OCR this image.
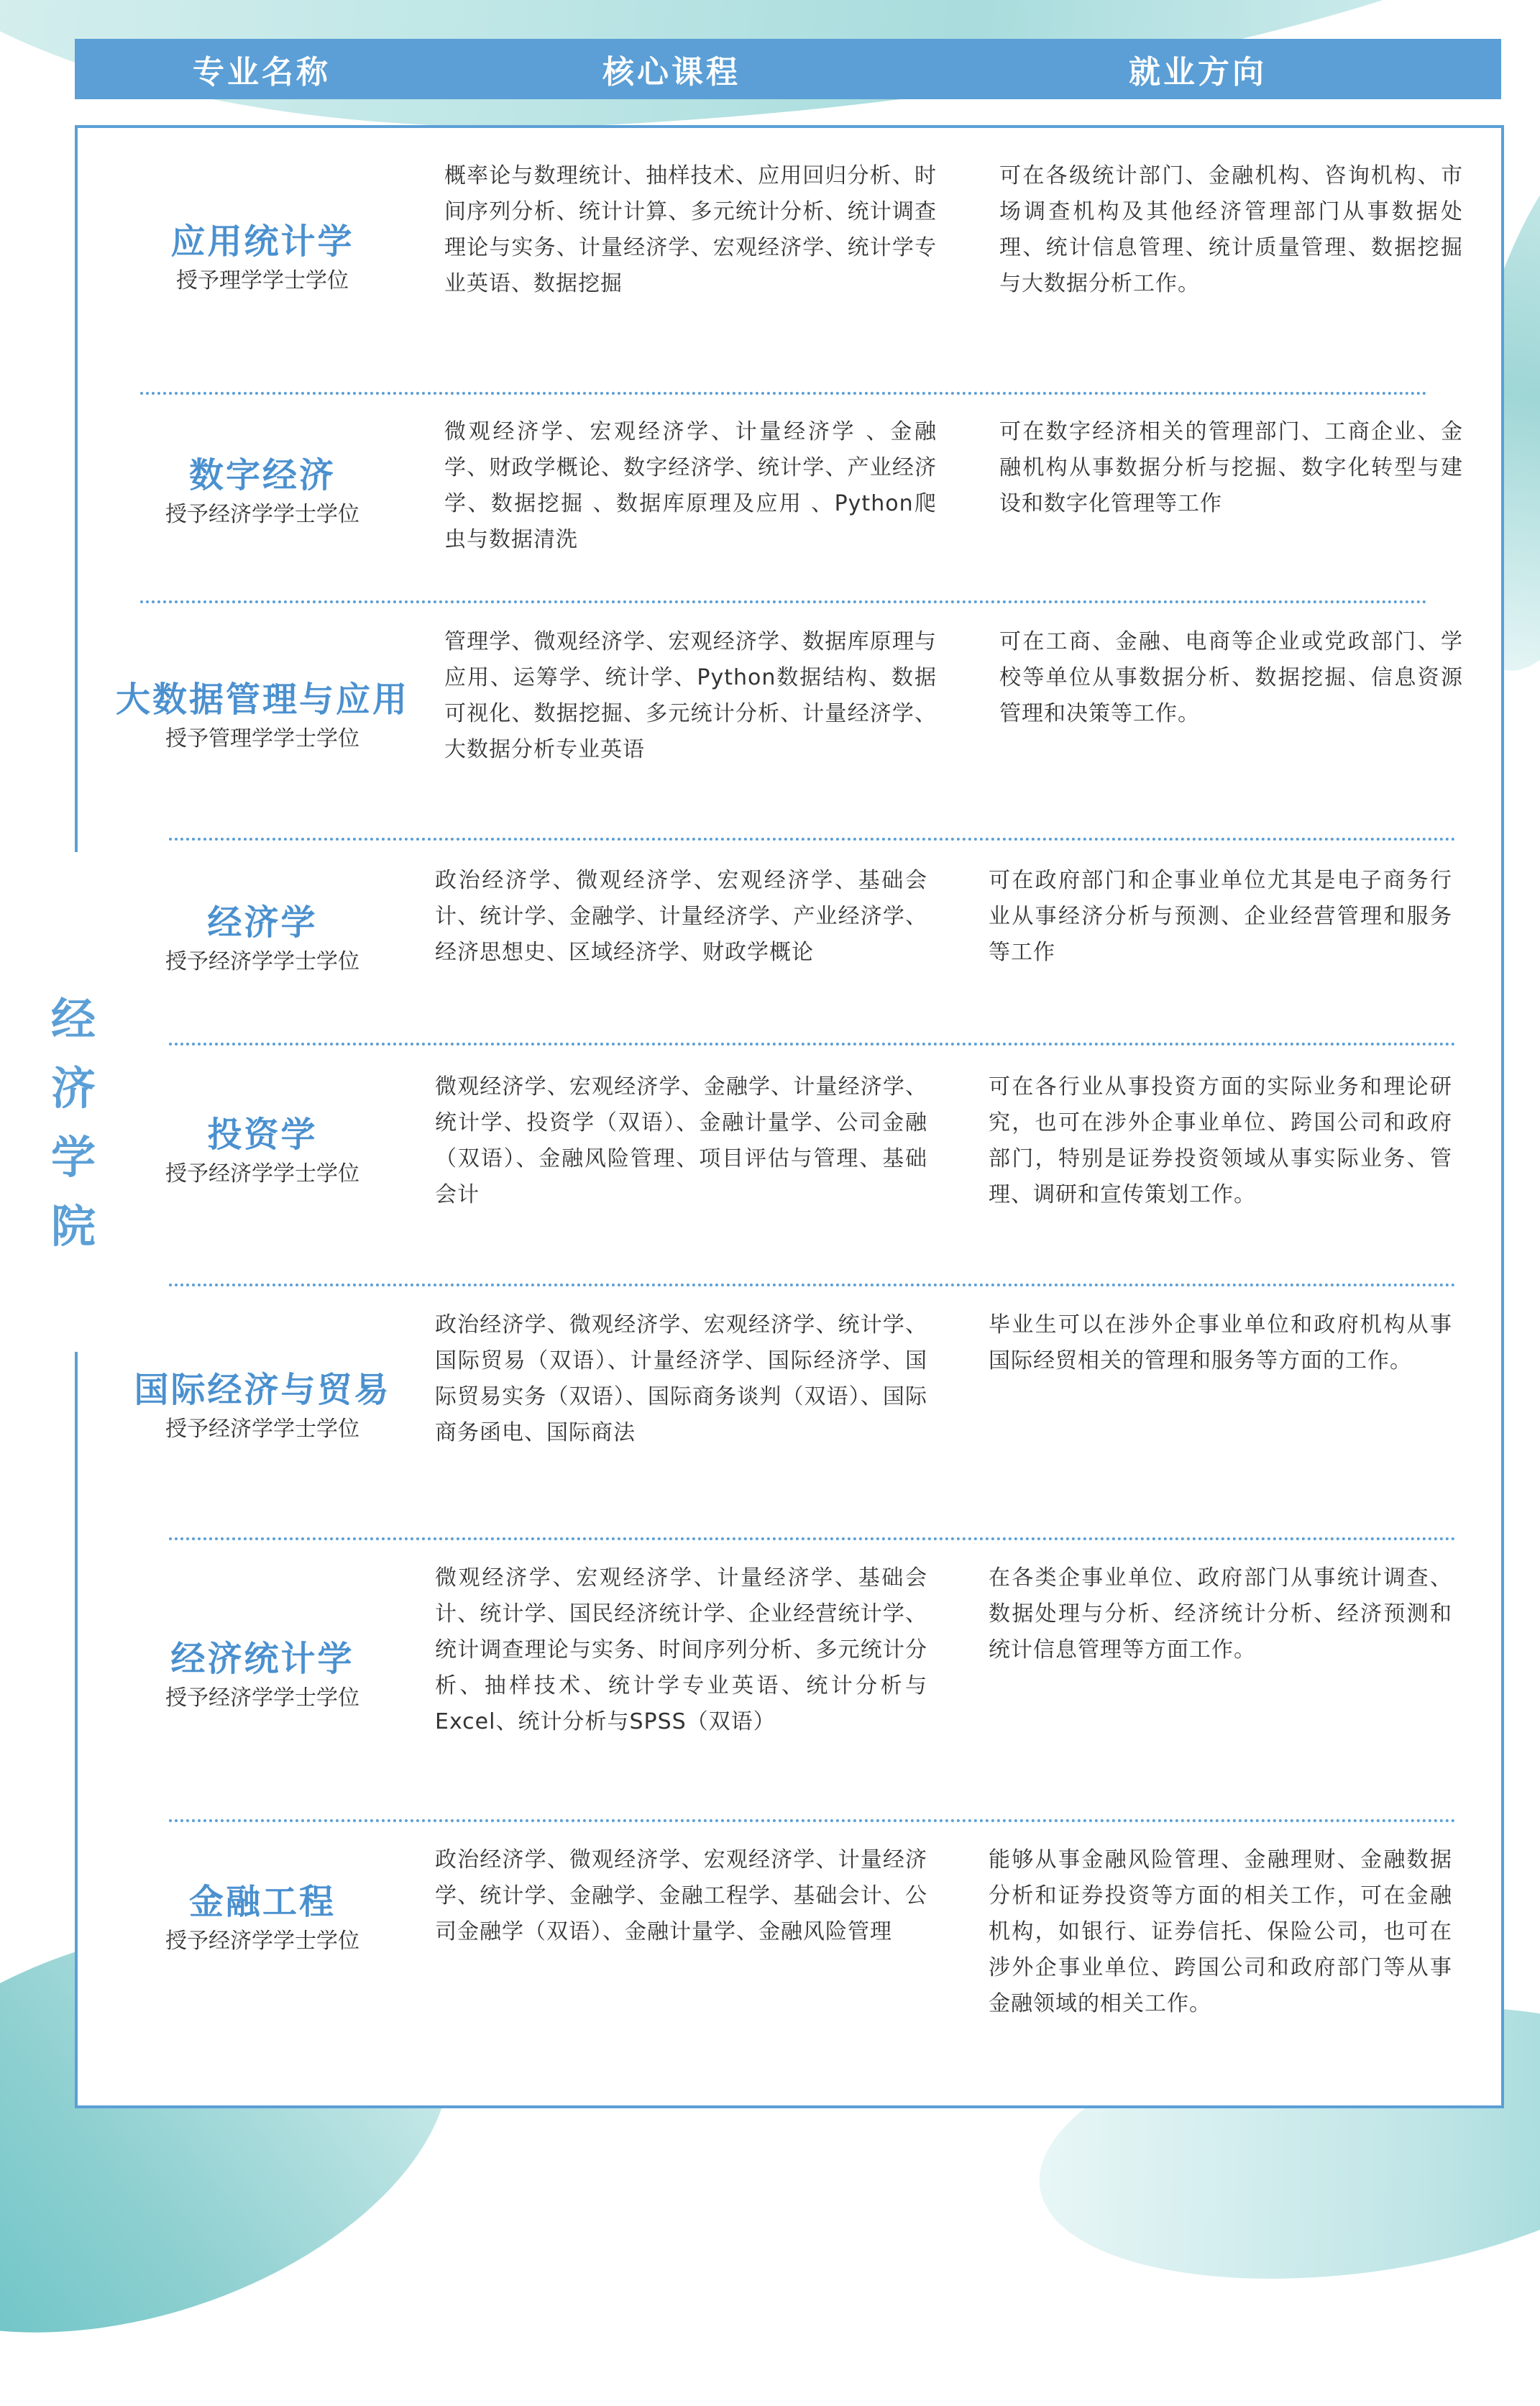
专业名称	核心课程	就业方向
经
济
学
院
应用统计学
授予理学学士学位
概率论与数理统计、抽样技术、应用回归分析、时间序列分析、统计计算、多元统计分析、统计调查理论与实务、计量经济学、宏观经济学、统计学专业英语、数据挖掘
可在各级统计部门、金融机构、咨询机构、市场调查机构及其他经济管理部门从事数据处理、统计信息管理、统计质量管理、数据挖掘与大数据分析工作。
数字经济
授予经济学学士学位
微观经济学、宏观经济学、计量经济学 、金融学、财政学概论、数字经济学、统计学、产业经济学、数据挖掘 、数据库原理及应用 、Python爬虫与数据清洗
可在数字经济相关的管理部门、工商企业、金融机构从事数据分析与挖掘、数字化转型与建设和数字化管理等工作
大数据管理与应用
授予管理学学士学位
管理学、微观经济学、宏观经济学、数据库原理与应用、运筹学、统计学、Python数据结构、数据可视化、数据挖掘、多元统计分析、计量经济学、大数据分析专业英语
可在工商、金融、电商等企业或党政部门、学校等单位从事数据分析、数据挖掘、信息资源管理和决策等工作。
经济学
授予经济学学士学位
政治经济学、微观经济学、宏观经济学、基础会计、统计学、金融学、计量经济学、产业经济学、经济思想史、区域经济学、财政学概论
可在政府部门和企事业单位尤其是电子商务行业从事经济分析与预测、企业经营管理和服务等工作
投资学
授予经济学学士学位
微观经济学、宏观经济学、金融学、计量经济学、统计学、投资学（双语）、金融计量学、公司金融（双语）、金融风险管理、项目评估与管理、基础会计
可在各行业从事投资方面的实际业务和理论研究，也可在涉外企事业单位、跨国公司和政府部门，特别是证券投资领域从事实际业务、管理、调研和宣传策划工作。
国际经济与贸易
授予经济学学士学位
政治经济学、微观经济学、宏观经济学、统计学、国际贸易（双语）、计量经济学、国际经济学、国际贸易实务（双语）、国际商务谈判（双语）、国际商务函电、国际商法
毕业生可以在涉外企事业单位和政府机构从事国际经贸相关的管理和服务等方面的工作。
经济统计学
授予经济学学士学位
微观经济学、宏观经济学、计量经济学、基础会计、统计学、国民经济统计学、企业经营统计学、统计调查理论与实务、时间序列分析、多元统计分析、抽样技术、统计学专业英语、统计分析与Excel、统计分析与SPSS（双语）
在各类企事业单位、政府部门从事统计调查、数据处理与分析、经济统计分析、经济预测和统计信息管理等方面工作。
金融工程
授予经济学学士学位
政治经济学、微观经济学、宏观经济学、计量经济学、统计学、金融学、金融工程学、基础会计、公司金融学（双语）、金融计量学、金融风险管理
能够从事金融风险管理、金融理财、金融数据分析和证券投资等方面的相关工作，可在金融机构，如银行、证券信托、保险公司，也可在涉外企事业单位、跨国公司和政府部门等从事金融领域的相关工作。
